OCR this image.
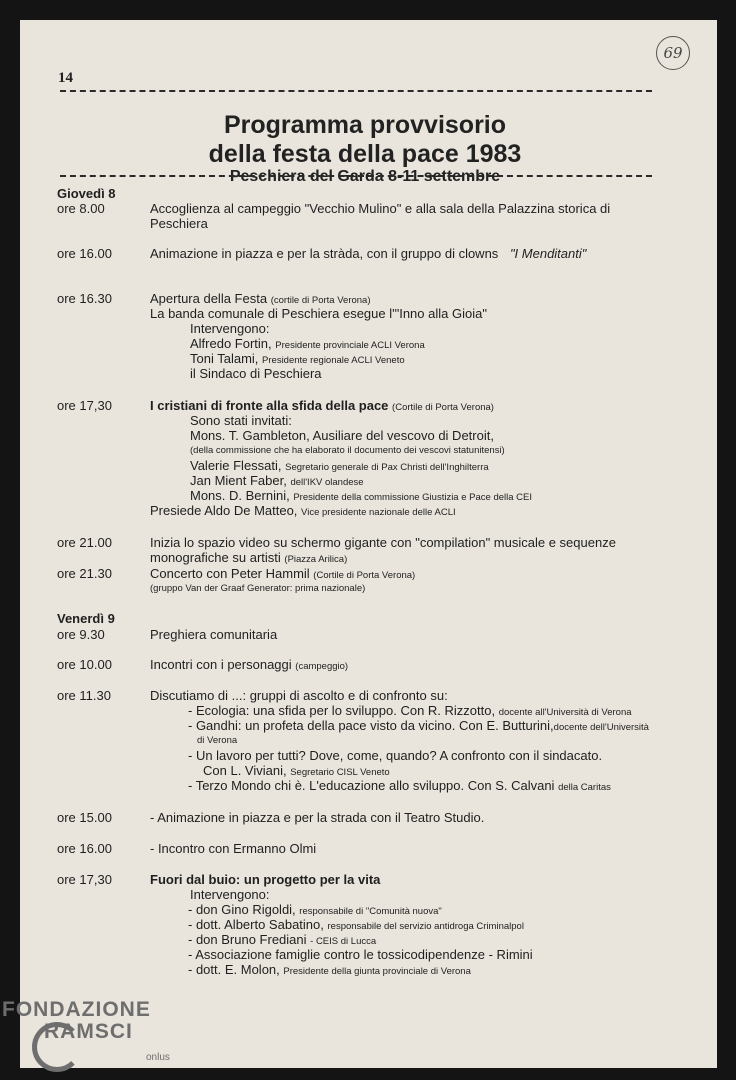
14
69
Programma provvisorio
della festa della pace 1983
Peschiera del Garda 8-11 settembre
Giovedì 8
ore 8.00	Accoglienza al campeggio "Vecchio Mulino" e alla sala della Palazzina storica di
Peschiera
ore 16.00	Animazione in piazza e per la stràda, con il gruppo di clowns "I Menditanti"
ore 16.30	Apertura della Festa (cortile di Porta Verona)
La banda comunale di Peschiera esegue l'"Inno alla Gioia"
Intervengono:
Alfredo Fortin, Presidente provinciale ACLI Verona
Toni Talami, Presidente regionale ACLI Veneto
il Sindaco di Peschiera
ore 17,30	I cristiani di fronte alla sfida della pace (Cortile di Porta Verona)
Sono stati invitati:
Mons. T. Gambleton, Ausiliare del vescovo di Detroit,
(della commissione che ha elaborato il documento dei vescovi statunitensi)
Valerie Flessati, Segretario generale di Pax Christi dell'Inghilterra
Jan Mient Faber, dell'IKV olandese
Mons. D. Bernini, Presidente della commissione Giustizia e Pace della CEI
Presiede Aldo De Matteo, Vice presidente nazionale delle ACLI
ore 21.00	Inizia lo spazio video su schermo gigante con "compilation" musicale e sequenze
monografiche su artisti (Piazza Arilica)
ore 21.30	Concerto con Peter Hammil (Cortile di Porta Verona)
(gruppo Van der Graaf Generator: prima nazionale)
Venerdì 9
ore 9.30	Preghiera comunitaria
ore 10.00	Incontri con i personaggi (campeggio)
ore 11.30	Discutiamo di ...: gruppi di ascolto e di confronto su:
- Ecologia: una sfida per lo sviluppo. Con R. Rizzotto, docente all'Università di Verona
- Gandhi: un profeta della pace visto da vicino. Con E. Butturini,docente dell'Università
di Verona
- Un lavoro per tutti? Dove, come, quando? A confronto con il sindacato.
Con L. Viviani, Segretario CISL Veneto
- Terzo Mondo chi è. L'educazione allo sviluppo. Con S. Calvani della Caritas
ore 15.00	- Animazione in piazza e per la strada con il Teatro Studio.
ore 16.00	- Incontro con Ermanno Olmi
ore 17,30	Fuori dal buio: un progetto per la vita
Intervengono:
- don Gino Rigoldi, responsabile di "Comunità nuova"
- dott. Alberto Sabatino, responsabile del servizio antidroga Criminalpol
- don Bruno Frediani - CEIS di Lucca
- Associazione famiglie contro le tossicodipendenze - Rimini
- dott. E. Molon, Presidente della giunta provinciale di Verona
FONDAZIONE
RAMSCI
onlus
